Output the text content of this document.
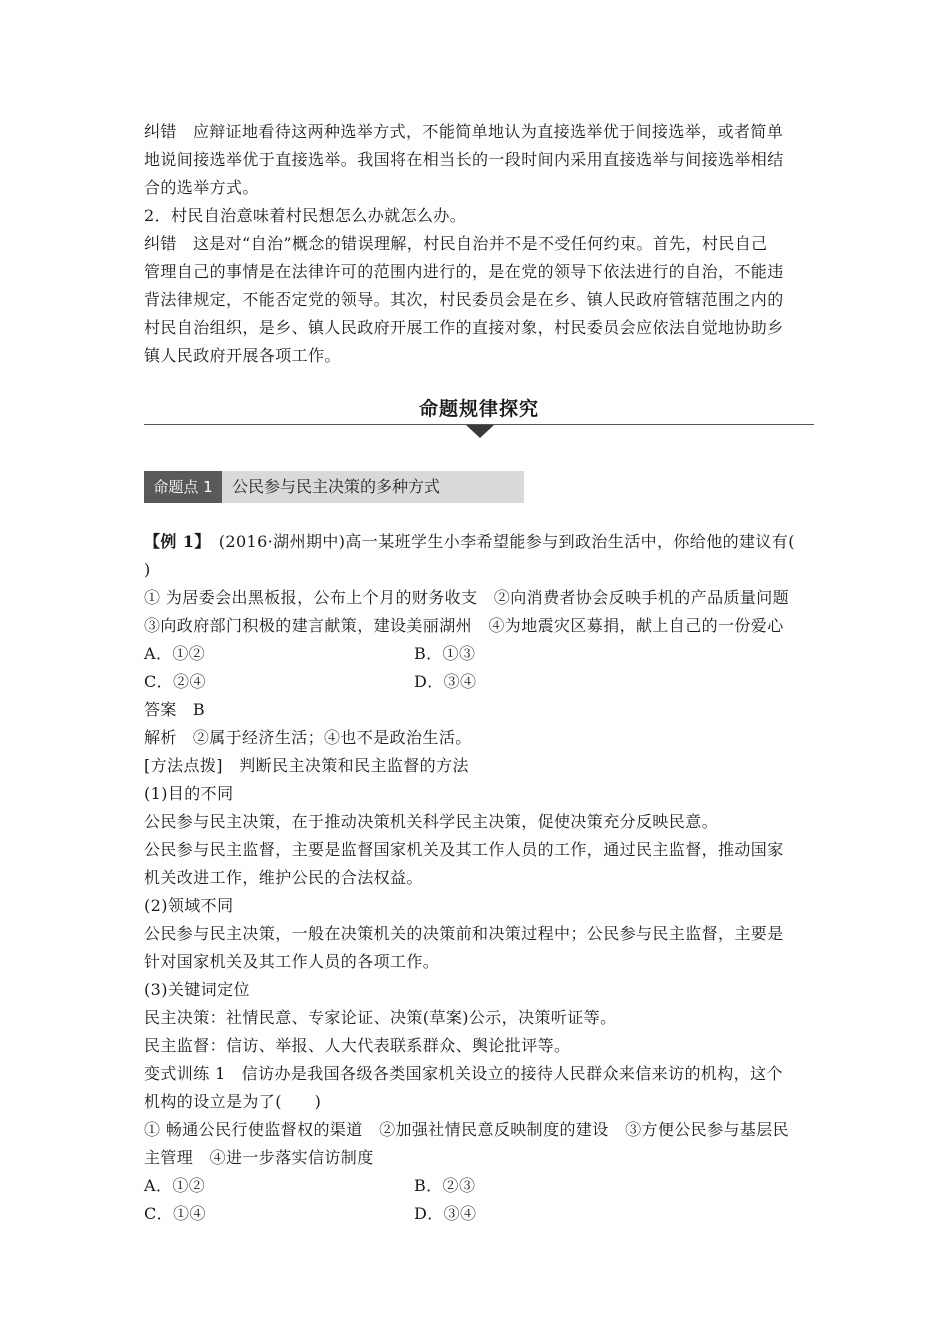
纠错 应辩证地看待这两种选举方式，不能简单地认为直接选举优于间接选举，或者简单
地说间接选举优于直接选举。我国将在相当长的一段时间内采用直接选举与间接选举相结
合的选举方式。
2．村民自治意味着村民想怎么办就怎么办。
纠错 这是对“自治”概念的错误理解，村民自治并不是不受任何约束。首先，村民自己
管理自己的事情是在法律许可的范围内进行的，是在党的领导下依法进行的自治，不能违
背法律规定，不能否定党的领导。其次，村民委员会是在乡、镇人民政府管辖范围之内的
村民自治组织，是乡、镇人民政府开展工作的直接对象，村民委员会应依法自觉地协助乡
镇人民政府开展各项工作。
命题规律探究
命题点 1	公民参与民主决策的多种方式
【例 1】 (2016·湖州期中)高一某班学生小李希望能参与到政治生活中，你给他的建议有(
)
① 为居委会出黑板报，公布上个月的财务收支　②向消费者协会反映手机的产品质量问题
③向政府部门积极的建言献策，建设美丽湖州　④为地震灾区募捐，献上自己的一份爱心
A．①②	B．①③
C．②④	D．③④
答案 B
解析 ②属于经济生活；④也不是政治生活。
[方法点拨]　判断民主决策和民主监督的方法
(1)目的不同
公民参与民主决策，在于推动决策机关科学民主决策，促使决策充分反映民意。
公民参与民主监督，主要是监督国家机关及其工作人员的工作，通过民主监督，推动国家
机关改进工作，维护公民的合法权益。
(2)领域不同
公民参与民主决策，一般在决策机关的决策前和决策过程中；公民参与民主监督，主要是
针对国家机关及其工作人员的各项工作。
(3)关键词定位
民主决策：社情民意、专家论证、决策(草案)公示，决策听证等。
民主监督：信访、举报、人大代表联系群众、舆论批评等。
变式训练 1 信访办是我国各级各类国家机关设立的接待人民群众来信来访的机构，这个
机构的设立是为了(　　)
① 畅通公民行使监督权的渠道　②加强社情民意反映制度的建设　③方便公民参与基层民
主管理　④进一步落实信访制度
A．①②	B．②③
C．①④	D．③④
